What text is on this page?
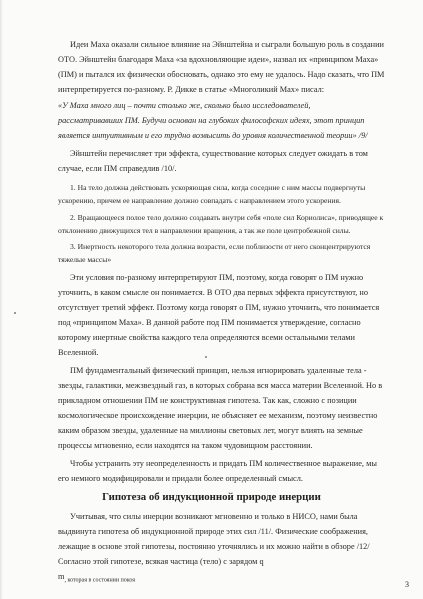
Идеи Маха оказали сильное влияние на Эйнштейна и сыграли большую роль в создании
ОТО. Эйнштейн благодаря Маха «за вдохновляющие идеи», назвал их «принципом Маха»
(ПМ) и пытался их физически обосновать, однако это ему не удалось. Надо сказать, что ПМ
интерпретируется по-разному. Р. Дикке в статье «Многоликий Мах» писал:
«У Маха много лиц – почти столько же, сколько было исследователей,
рассматривавших ПМ. Будучи основан на глубоких философских идеях, этот принцип
является интуитивным и его трудно возвысить до уровня количественной теории» /9/
Эйнштейн перечисляет три эффекта, существование которых следует ожидать в том
случае, если ПМ справедлив /10/.
1. На тело должна действовать ускоряющая сила, когда соседние с ним массы подвергнуты
ускорению, причем ее направление должно совпадать с направлением этого ускорения.
2. Вращающееся полое тело должно создавать внутри себя «поле сил Кориолиса», приводящее к
отклонению движущихся тел в направлении вращения, а так же поле центробежной силы.
3. Инертность некоторого тела должна возрасти, если поблизости от него сконцентрируются
тяжелые массы»
Эти условия по-разному интерпретируют ПМ, поэтому, когда говорят о ПМ нужно
уточнить, в каком смысле он понимается. В ОТО два первых эффекта присутствуют, но
отсутствует третий эффект. Поэтому когда говорят о ПМ, нужно уточнить, что понимается
под «принципом Маха». В данной работе под ПМ понимается утверждение, согласно
которому инертные свойства каждого тела определяются всеми остальными телами
Вселенной.
ПМ фундаментальный физический принцип, нельзя игнорировать удаленные тела -
звезды, галактики, межзвездный газ, в которых собрана вся масса материи Вселенной. Но в
прикладном отношении ПМ не конструктивная гипотеза. Так как, сложно с позиции
космологическое происхождение инерции, не объясняет ее механизм, поэтому неизвестно
каким образом звезды, удаленные на миллионы световых лет, могут влиять на земные
процессы мгновенно, если находятся на таком чудовищном расстоянии.
Чтобы устранить эту неопределенность и придать ПМ количественное выражение, мы
его немного модифицировали и придали более определенный смысл.
Гипотеза об индукционной природе инерции
Учитывая, что силы инерции возникают мгновенно и только в НИСО, нами была
выдвинута гипотеза об индукционной природе этих сил /11/. Физические соображения,
лежащие в основе этой гипотезы, постоянно уточнялись и их можно найти в обзоре /12/
Согласно этой гипотезе, всякая частица (тело) с зарядом q
$m_{, которая в состоянии покоя}$	3
